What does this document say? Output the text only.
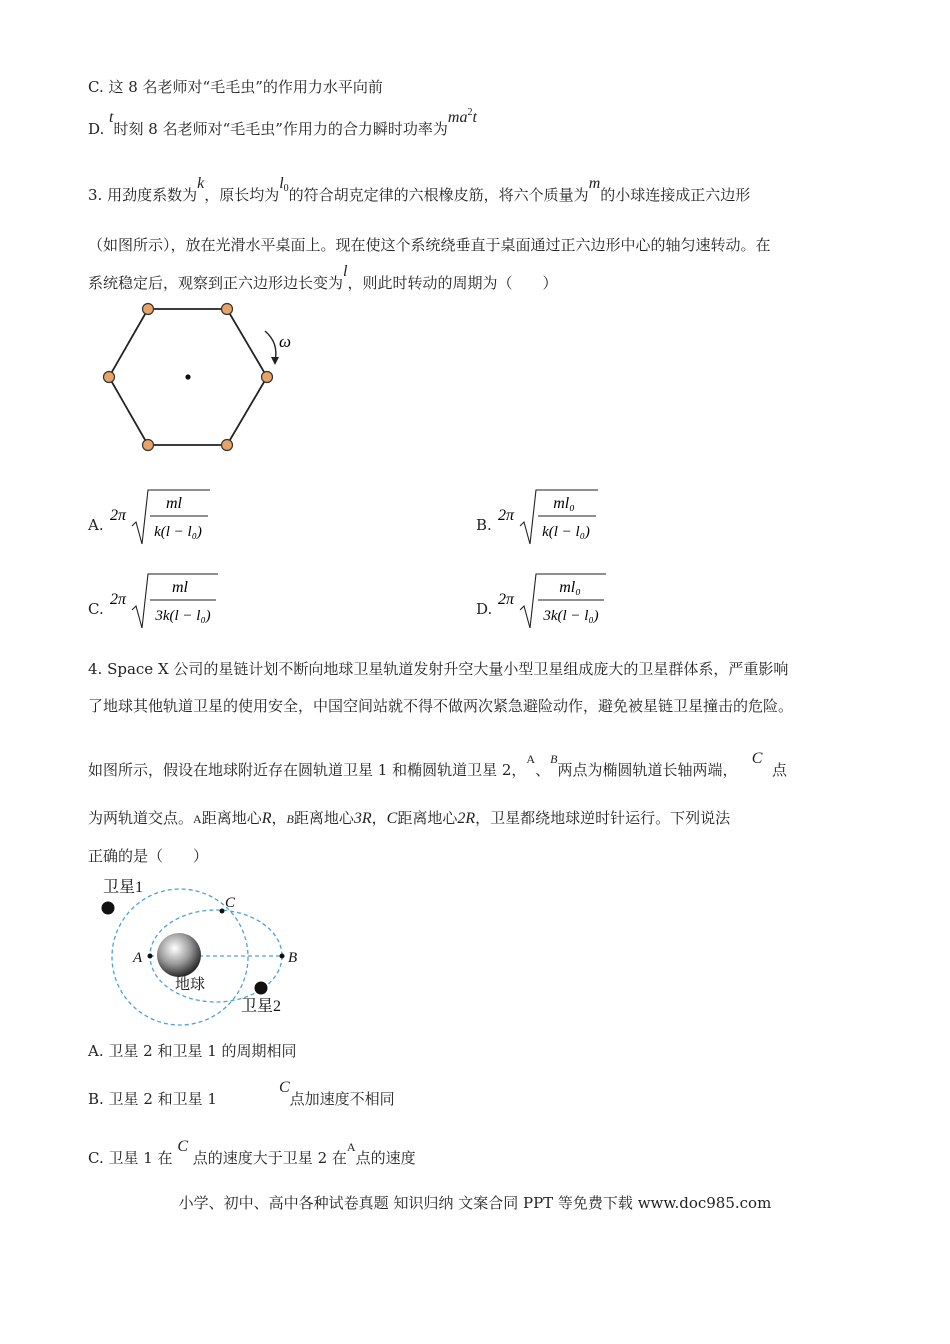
C. 这 8 名老师对“毛毛虫”的作用力水平向前
D. t时刻 8 名老师对“毛毛虫”作用力的合力瞬时功率为$ma^2t$
3. 用劲度系数为k，原长均为$l_0$的符合胡克定律的六根橡皮筋，将六个质量为m的小球连接成正六边形
（如图所示），放在光滑水平桌面上。现在使这个系统绕垂直于桌面通过正六边形中心的轴匀速转动。在
系统稳定后，观察到正六边形边长变为l，则此时转动的周期为（　　）
ω
A.
2π
ml
k(l − l₀)	B.
2π
ml₀
k(l − l₀)
C.
2π
ml
3k(l − l₀)	D.
2π
ml₀
3k(l − l₀)
4. Space X 公司的星链计划不断向地球卫星轨道发射升空大量小型卫星组成庞大的卫星群体系，严重影响
了地球其他轨道卫星的使用安全，中国空间站就不得不做两次紧急避险动作，避免被星链卫星撞击的危险。
如图所示，假设在地球附近存在圆轨道卫星 1 和椭圆轨道卫星 2，$^A$、$^B$两点为椭圆轨道长轴两端，   C  点
为两轨道交点。A距离地心R，B距离地心3R，C距离地心2R，卫星都绕地球逆时针运行。下列说法
正确的是（　　）
卫星1
C
A	B
地球
卫星2
A. 卫星 2 和卫星 1 的周期相同
B. 卫星 2 和卫星 1             C点加速度不相同
C. 卫星 1 在 C 点的速度大于卫星 2 在$^A$点的速度
小学、初中、高中各种试卷真题 知识归纳 文案合同 PPT 等免费下载 www.doc985.com
